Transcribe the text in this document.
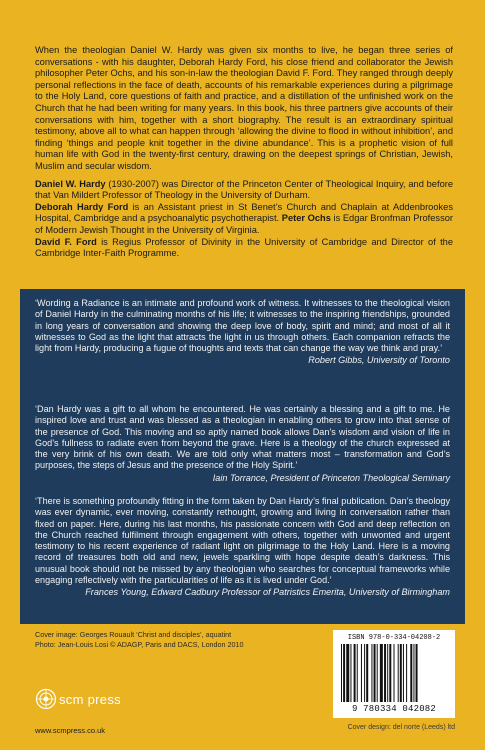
When the theologian Daniel W. Hardy was given six months to live, he began three series of conversations - with his daughter, Deborah Hardy Ford, his close friend and collaborator the Jewish philosopher Peter Ochs, and his son-in-law the theologian David F. Ford. They ranged through deeply personal reflections in the face of death, accounts of his remarkable experiences during a pilgrimage to the Holy Land, core questions of faith and practice, and a distillation of the unfinished work on the Church that he had been writing for many years. In this book, his three partners give accounts of their conversations with him, together with a short biography. The result is an extraordinary spiritual testimony, above all to what can happen through ‘allowing the divine to flood in without inhibition’, and finding ‘things and people knit together in the divine abundance’. This is a prophetic vision of full human life with God in the twenty-first century, drawing on the deepest springs of Christian, Jewish, Muslim and secular wisdom.

Daniel W. Hardy (1930-2007) was Director of the Princeton Center of Theological Inquiry, and before that Van Mildert Professor of Theology in the University of Durham.

Deborah Hardy Ford is an Assistant priest in St Benet’s Church and Chaplain at Addenbrookes Hospital, Cambridge and a psychoanalytic psychotherapist. Peter Ochs is Edgar Bronfman Professor of Modern Jewish Thought in the University of Virginia.
David F. Ford is Regius Professor of Divinity in the University of Cambridge and Director of the Cambridge Inter-Faith Programme.

‘Wording a Radiance is an intimate and profound work of witness. It witnesses to the theological vision of Daniel Hardy in the culminating months of his life; it witnesses to the inspiring friendships, grounded in long years of conversation and showing the deep love of body, spirit and mind; and most of all it witnesses to God as the light that attracts the light in us through others. Each companion refracts the light from Hardy, producing a fugue of thoughts and texts that can change the way we think and pray.’
Robert Gibbs, University of Toronto
‘Dan Hardy was a gift to all whom he encountered. He was certainly a blessing and a gift to me. He inspired love and trust and was blessed as a theologian in enabling others to grow into that sense of the presence of God. This moving and so aptly named book allows Dan’s wisdom and vision of life in God’s fullness to radiate even from beyond the grave. Here is a theology of the church expressed at the very brink of his own death. We are told only what matters most – transformation and God’s purposes, the steps of Jesus and the presence of the Holy Spirit.’
Iain Torrance, President of Princeton Theological Seminary
‘There is something profoundly fitting in the form taken by Dan Hardy’s final publication. Dan’s theology was ever dynamic, ever moving, constantly rethought, growing and living in conversation rather than fixed on paper. Here, during his last months, his passionate concern with God and deep reflection on the Church reached fulfilment through engagement with others, together with unwonted and urgent testimony to his recent experience of radiant light on pilgrimage to the Holy Land. Here is a moving record of treasures both old and new, jewels sparkling with hope despite death’s darkness. This unusual book should not be missed by any theologian who searches for conceptual frameworks while engaging reflectively with the particularities of life as it is lived under God.’
Frances Young, Edward Cadbury Professor of Patristics Emerita, University of Birmingham
Cover image: Georges Rouault ‘Christ and disciples’, aquatint
Photo: Jean-Louis Losi © ADAGP, Paris and DACS, London 2010
scm press
www.scmpress.co.uk
ISBN 978-0-334-04208-2
9 780334 042082
Cover design: del norte (Leeds) ltd
